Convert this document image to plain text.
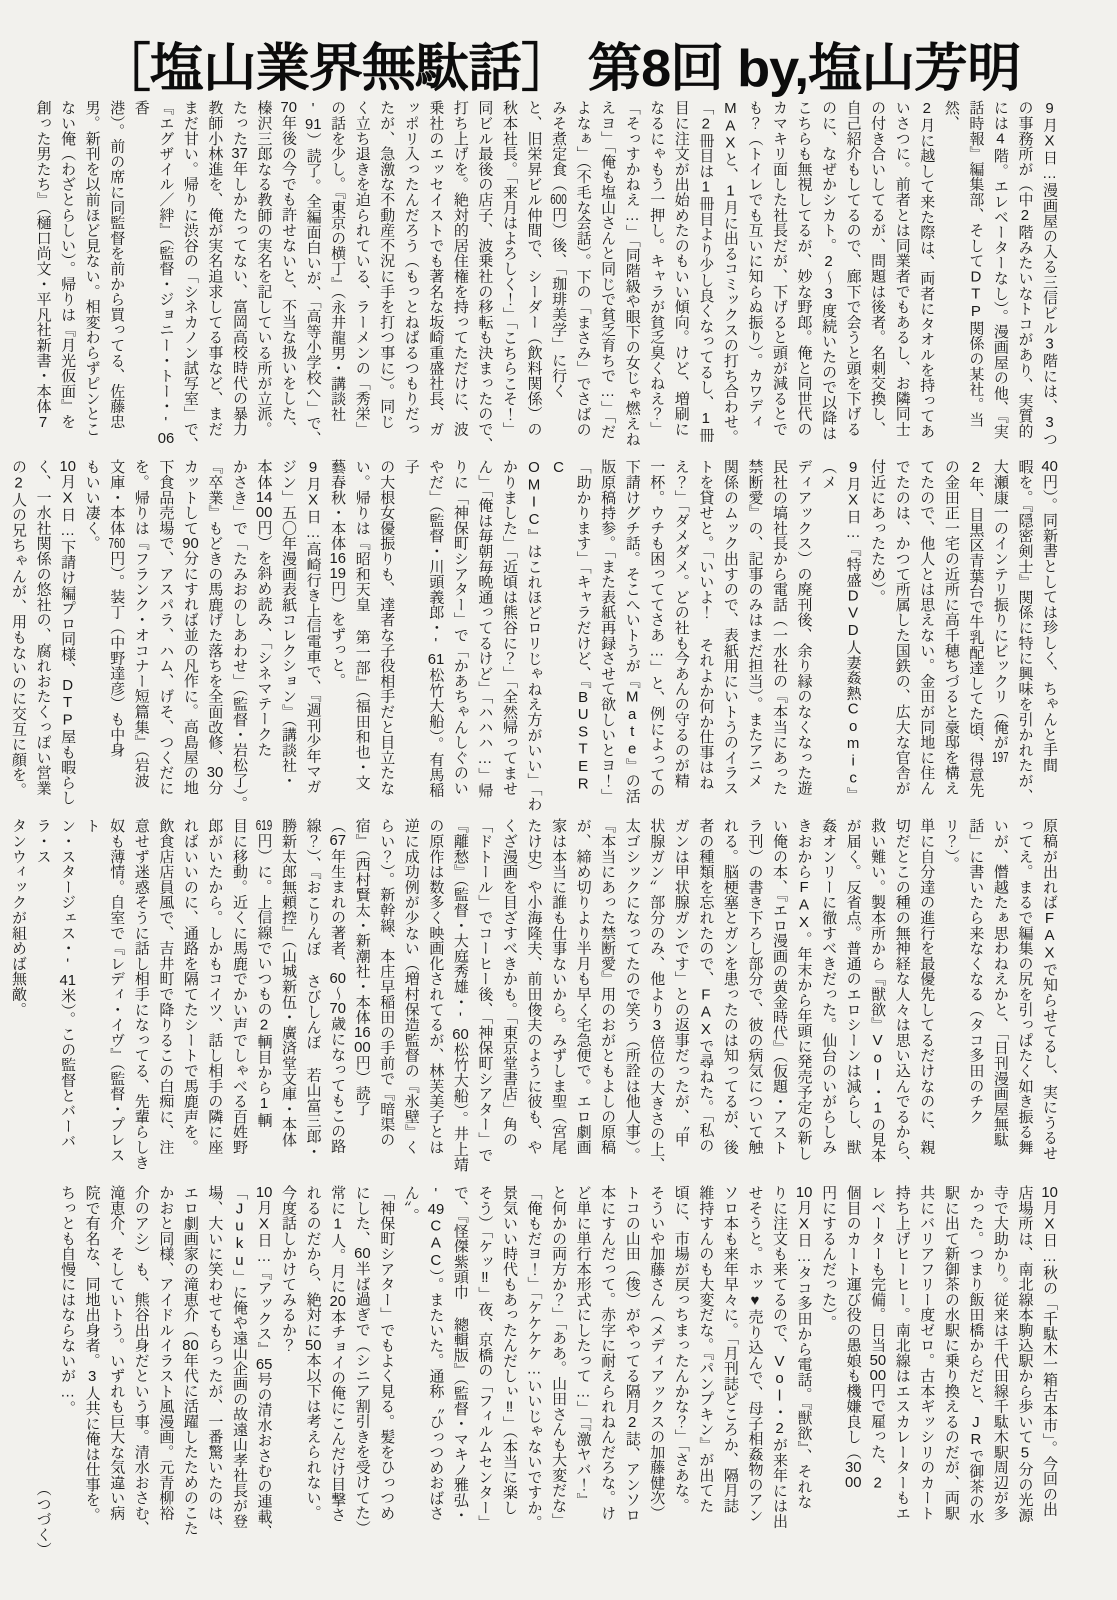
［塩山業界無駄話］ 第8回 by,塩山芳明
9月X日…漫画屋の入る三信ビル3階には、3つ
の事務所が（中2階みたいなトコがあり、実質的
には4階。エレベーターなし）。漫画屋の他、『実
話時報』編集部、そしてDTP関係の某社。当然、
2月に越して来た際は、両者にタオルを持ってあ
いさつに。前者とは同業者でもあるし、お隣同士
の付き合いしてるが、問題は後者。名刺交換し、
自己紹介もしてるので、廊下で会うと頭を下げる
のに、なぜかシカト。2～3度続いたので以降は
こちらも無視してるが、妙な野郎。俺と同世代の
カマキリ面した社長だが、下げると頭が減るとで
も？（トイレでも互いに知らぬ振り）。カワディ
MAXと、1月に出るコミックスの打ち合わせ。
「2冊目は1冊目より少し良くなってるし、1冊
目に注文が出始めたのもいい傾向。けど、増刷に
なるにゃもう一押し。キャラが貧乏臭くねえ？」
「そっすかねえ…」「同階級や眼下の女じゃ燃えね
えヨ」「俺も塩山さんと同じで貧乏育ちで…」「だ
よなぁ」（不毛な会話）。下の「まさみ」でさばの
みそ煮定食（600円）後、「珈琲美学」に行く
と、旧栄昇ビル仲間で、シーダー（飲料関係）の
秋本社長。「来月はよろしく！」「こちらこそ！」
同ビル最後の店子、波乗社の移転も決まったので、
打ち上げを。絶対的居住権を持ってただけに、波
乗社のエッセイストでも著名な坂崎重盛社長、ガ
ッポリ入ったんだろう（もっとねばるつもりだっ
たが、急激な不動産不況に手を打つ事に）。同じ
く立ち退きを迫られている、ラーメンの「秀栄」
の話を少し。『東京の横丁』（永井龍男・講談社
'91）読了。全編面白いが、「高等小学校へ」で、
70年後の今でも許せないと、不当な扱いをした、
榛沢三郎なる教師の実名を記している所が立派。
たった37年しかたってない、富岡高校時代の暴力
教師小林進を、俺が実名追求してる事など、まだ
まだ甘い。帰りに渋谷の「シネカノン試写室」で、
『エグザイル／絆』（監督・ジョニー・トー・'06香
港）。前の席に同監督を前から買ってる、佐藤忠
男。新刊を以前ほど見ない。相変わらずピンとこ
ない俺（わざとらしい）。帰りは『月光仮面』を
創った男たち』（樋口尚文・平凡社新書・本体7
40円）。同新書としては珍しく、ちゃんと手間
暇を。『隠密剣士』関係に特に興味を引かれたが、
大瀬康一のインテリ振りにビックリ（俺が197
2年、目黒区青葉台で牛乳配達してた頃、得意先
の金田正一宅の近所に高千穂ちづると豪邸を構え
てたので、他人とは思えない。金田が同地に住ん
でたのは、かつて所属した国鉄の、広大な官舎が
付近にあったため）。
9月X日…『特盛DVD人妻姦熱Comic』（メ
ディアックス）の廃刊後、余り縁のなくなった遊
民社の塙社長から電話（一水社の『本当にあった
禁断愛』の、記事のみはまだ担当）。またアニメ
関係のムック出すので、表紙用にいトうのイラス
トを貸せと。「いいよ！ それよか何か仕事はね
え？」「ダメダメ。どの社も今あんの守るのが精
一杯。ウチも困っててさあ…」と、例によっての
下請けグチ話。そこへいトうが『Mate』の活
版原稿持参。「また表紙再録させて欲しいとヨ！」
「助かります」「キャラだけど、『BUSTER C
OMIC』はこれほどロリじゃねえ方がいい」「わ
かりました」「近頃は熊谷に？」「全然帰ってませ
ん」「俺は毎朝毎晩通ってるけど」「ハハハ…」帰
りに「神保町シアター」で「かあちゃんしぐのい
やだ」（監督・川頭義郎・'61松竹大船）。有馬稲子
の大根女優振りも、達者な子役相手だと目立たな
い。帰りは『昭和天皇 第一部』（福田和也・文
藝春秋・本体1619円）をずっと。
9月X日…高崎行き上信電車で、『週刊少年マガ
ジン」五〇年漫画表紙コレクション』（講談社・
本体1400円）を斜め読み、「シネマテークた
かさき」で「たみおのしあわせ」（監督・岩松了）。
『卒業』もどきの馬鹿げた落ちを全面改修、30分
カットして90分にすれば並の凡作に。高島屋の地
下食品売場で、アスパラ、ハム、げそ、つくだに
を。帰りは『フランク・オコナー短篇集』（岩波
文庫・本体760円）。装丁（中野達彦）も中身
もいい凄く。
10月X日…下請け編プロ同様、DTP屋も暇らし
く、一水社関係の悠社の、腐れおたくっぽい営業
の2人の兄ちゃんが、用もないのに交互に顔を。
原稿が出ればFAXで知らせてるし、実にうるせ
ってえ。まるで編集の尻を引っぱたく如き振る舞
いが、僭越たぁ思わねえかと、「日刊漫画屋無駄
話」に書いたら来なくなる（タコ多田のチクリ？）。
単に自分達の進行を最優先してるだけなのに、親
切だとこの種の無神経な人々は思い込んでるから、
救い難い。製本所から『獣欲』Vol・1の見本
が届く。反省点。普通のエロシーンは減らし、獣
姦オンリーに徹すべきだった。仙台のいがらしみ
きおからFAX。年末から年頭に発売予定の新し
い俺の本、『エロ漫画の黄金時代』（仮題・アスト
ラ刊）の書き下ろし部分で、彼の病気について触
れる。脳梗塞とガンを患ったのは知ってるが、後
者の種類を忘れたので、FAXで尋ねた。「私の
ガンは甲状腺ガンです」との返事だったが、〝甲
状腺ガン〟部分のみ、他より3倍位の大きさの上、
太ゴシックになってたので笑う（所詮は他人事）。
『本当にあった禁断愛』用のおがともよしの原稿
が、締め切りより半月も早く宅急便で。エロ劇画
家は本当に誰も仕事ないから。みずしま聖（宮尾
たけ史）や小海隆夫、前田俊夫のように彼も、や
くざ漫画を目ざすべきかも。「東京堂書店」角の
「ドトール」でコーヒー後、「神保町シアター」で
『離愁』（監督・大庭秀雄・'60松竹大船）。井上靖
の原作は数多く映画化されてるが、林芙美子とは
逆に成功例が少ない（増村保造監督の『氷壁』く
らい？）。新幹線、本庄早稲田の手前で『暗渠の
宿』（西村賢太・新潮社・本体1600円）読了
（67年生まれの著者、60～70歳になってもこの路
線？）、『おこりんぼ さびしんぼ 若山富三郎・
勝新太郎無頼控』（山城新伍・廣済堂文庫・本体
619円）に。上信線でいつもの2輌目から1輌
目に移動。近くに馬鹿でかい声でしゃべる百姓野
郎がいたから。しかもコイツ、話し相手の隣に座
ればいいのに、通路を隔てたシートで馬鹿声を。
飲食店店員風で、吉井町で降りるこの白痴に、注
意せず迷惑そうに話し相手になってる、先輩らしき
奴も薄情。自室で『レディ・イヴ』（監督・プレスト
ン・スタージェス・'41米）。この監督とバーバラ・ス
タンウィックが組めば無敵。
10月X日…秋の「千駄木一箱古本市」。今回の出
店場所は、南北線本駒込駅から歩いて5分の光源
寺で大助かり。従来は千代田線千駄木駅周辺が多
かった。つまり飯田橋からだと、JRで御茶の水
駅に出て新御茶の水駅に乗り換えるのだが、両駅
共にバリアフリー度ゼロ。古本ギッシリのカート
持ち上げヒーヒー。南北線はエスカレーターもエ
レベーターも完備。日当5000円で雇った、2
個目のカート運び役の愚娘も機嫌良し（3000
円にするんだった）。
10月X日…タコ多田から電話。『獣欲』、それな
りに注文も来てるので、Vol・2が来年には出
せそうと。ホッ♥売り込んで、母子相姦物のアン
ソロ本も来年早々に。「月刊誌どころか、隔月誌
維持すんのも大変だな。『パンプキン』が出てた
頃に、市場が戻っちまったんかな？」「さあな。
そういや加藤さん（メディアックスの加藤健次）
トコの山田（俊）がやってる隔月2誌、アンソロ
本にすんだって。赤字に耐えられねんだろな。け
ど単に単行本形式にしたって…」「『激ヤバ！』
と何かの両方か？」「ああ。山田さんも大変だな」
「俺もだヨ！」「ケケケケ…いいじゃないですか。
景気いい時代もあったんだしぃ‼」（本当に楽し
そう）「ケッ‼」夜、京橋の「フィルムセンター」
で、『怪傑紫頭巾 總輯版』（監督・マキノ雅弘・
'49CAC）。またいた。通称〝ひっつめおばさん〟。
「神保町シアター」でもよく見る。髪をひっつめ
にした、60半ば過ぎで（シニア割引きを受けてた）
常に1人。月に20本チョイの俺にこんだけ目撃さ
れるのだから、絶対に50本以下は考えられない。
今度話しかけてみるか？
10月X日…『アックス』65号の清水おさむの連載、
「Juku」に俺や遠山企画の故遠山孝社長が登
場、大いに笑わせてもらったが、一番驚いたのは、
エロ劇画家の滝恵介（80年代に活躍したためのこた
かおと同様、アイドルイラスト風漫画。元青柳裕
介のアシ）も、熊谷出身だという事。清水おさむ、
滝恵介、そしていトう。いずれも巨大な気違い病
院で有名な、同地出身者。3人共に俺は仕事を。
ちっとも自慢にはならないが…。
（つづく）
